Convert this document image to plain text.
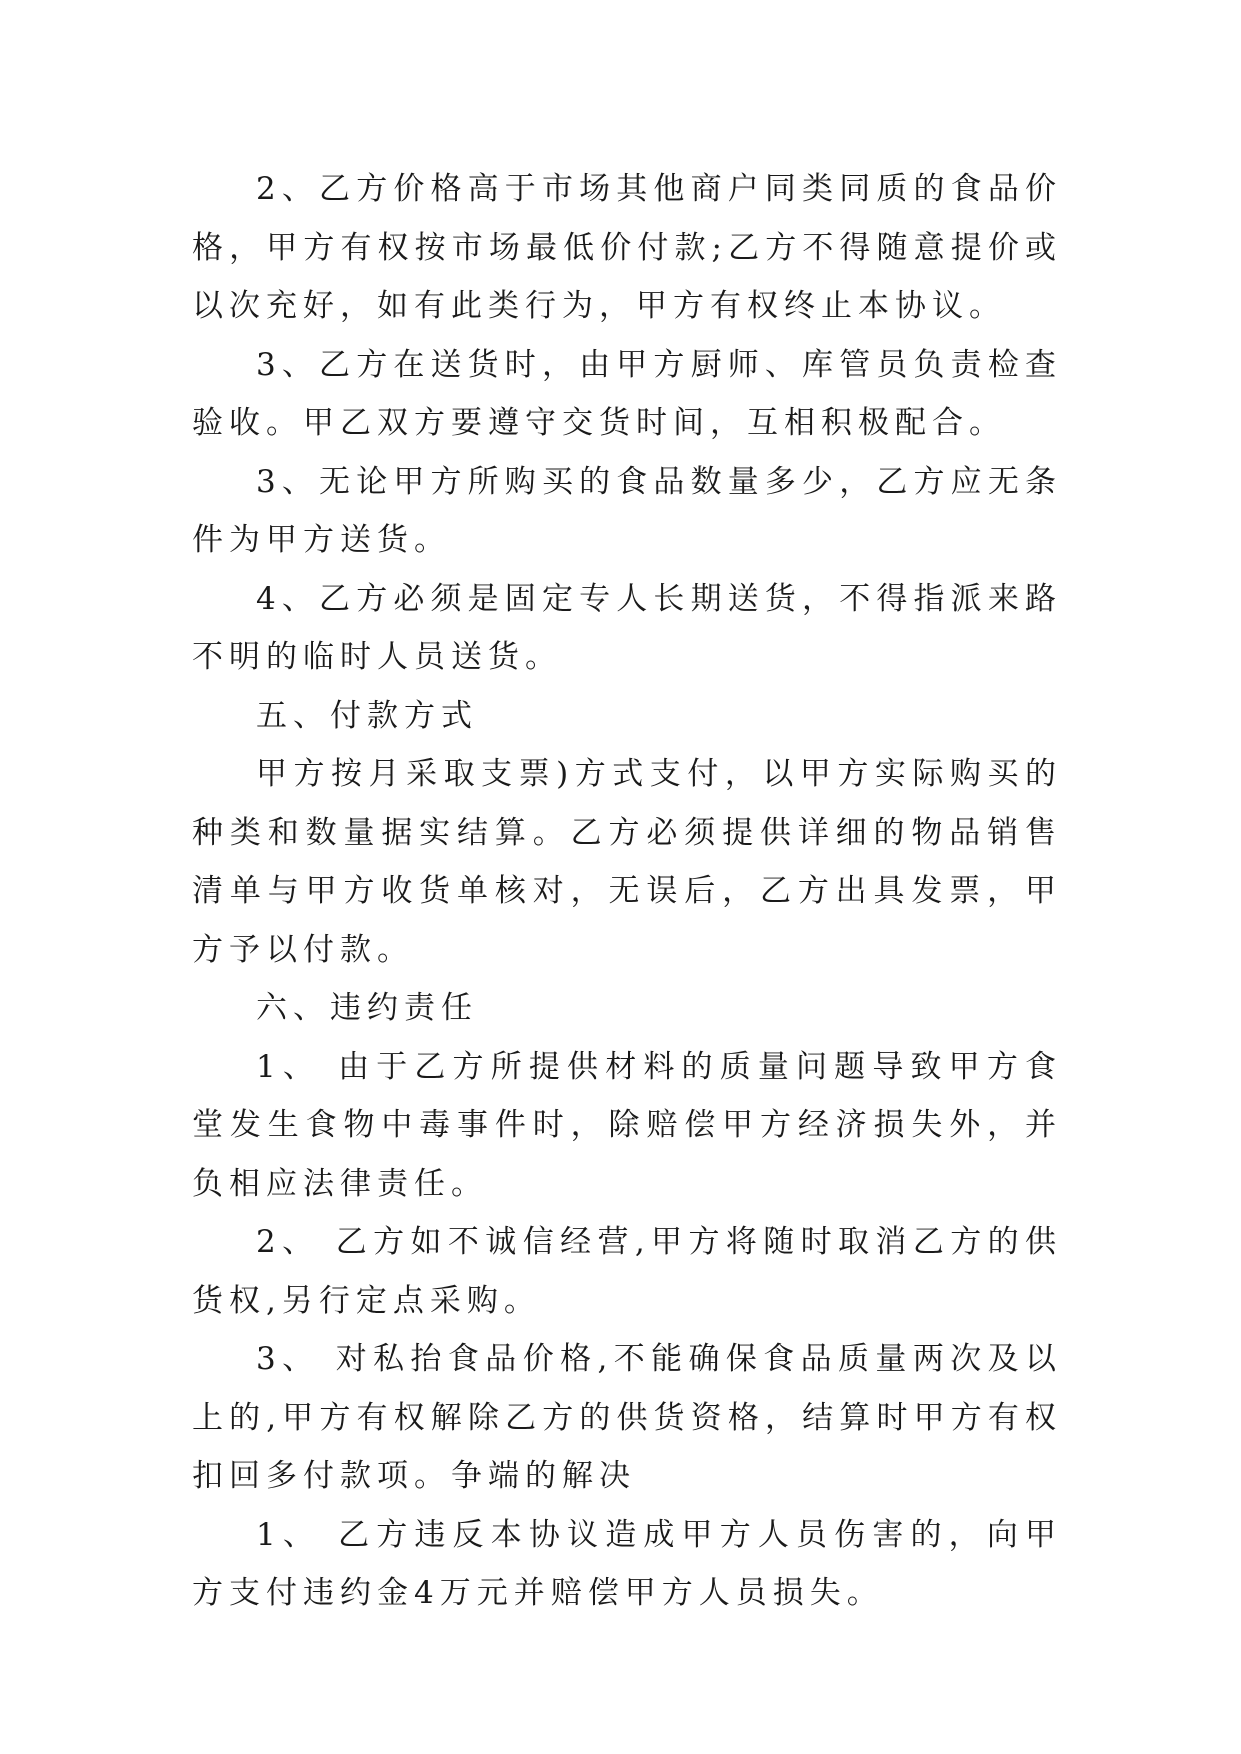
2、乙方价格高于市场其他商户同类同质的食品价格，甲方有权按市场最低价付款;乙方不得随意提价或以次充好，如有此类行为，甲方有权终止本协议。

3、乙方在送货时，由甲方厨师、库管员负责检查验收。甲乙双方要遵守交货时间，互相积极配合。

3、无论甲方所购买的食品数量多少，乙方应无条件为甲方送货。

4、乙方必须是固定专人长期送货，不得指派来路不明的临时人员送货。

五、付款方式

甲方按月采取支票)方式支付，以甲方实际购买的种类和数量据实结算。乙方必须提供详细的物品销售清单与甲方收货单核对，无误后，乙方出具发票，甲方予以付款。

六、违约责任

1、 由于乙方所提供材料的质量问题导致甲方食堂发生食物中毒事件时，除赔偿甲方经济损失外，并负相应法律责任。

2、 乙方如不诚信经营,甲方将随时取消乙方的供货权,另行定点采购。

3、 对私抬食品价格,不能确保食品质量两次及以上的,甲方有权解除乙方的供货资格，结算时甲方有权扣回多付款项。争端的解决

1、 乙方违反本协议造成甲方人员伤害的，向甲方支付违约金4万元并赔偿甲方人员损失。
